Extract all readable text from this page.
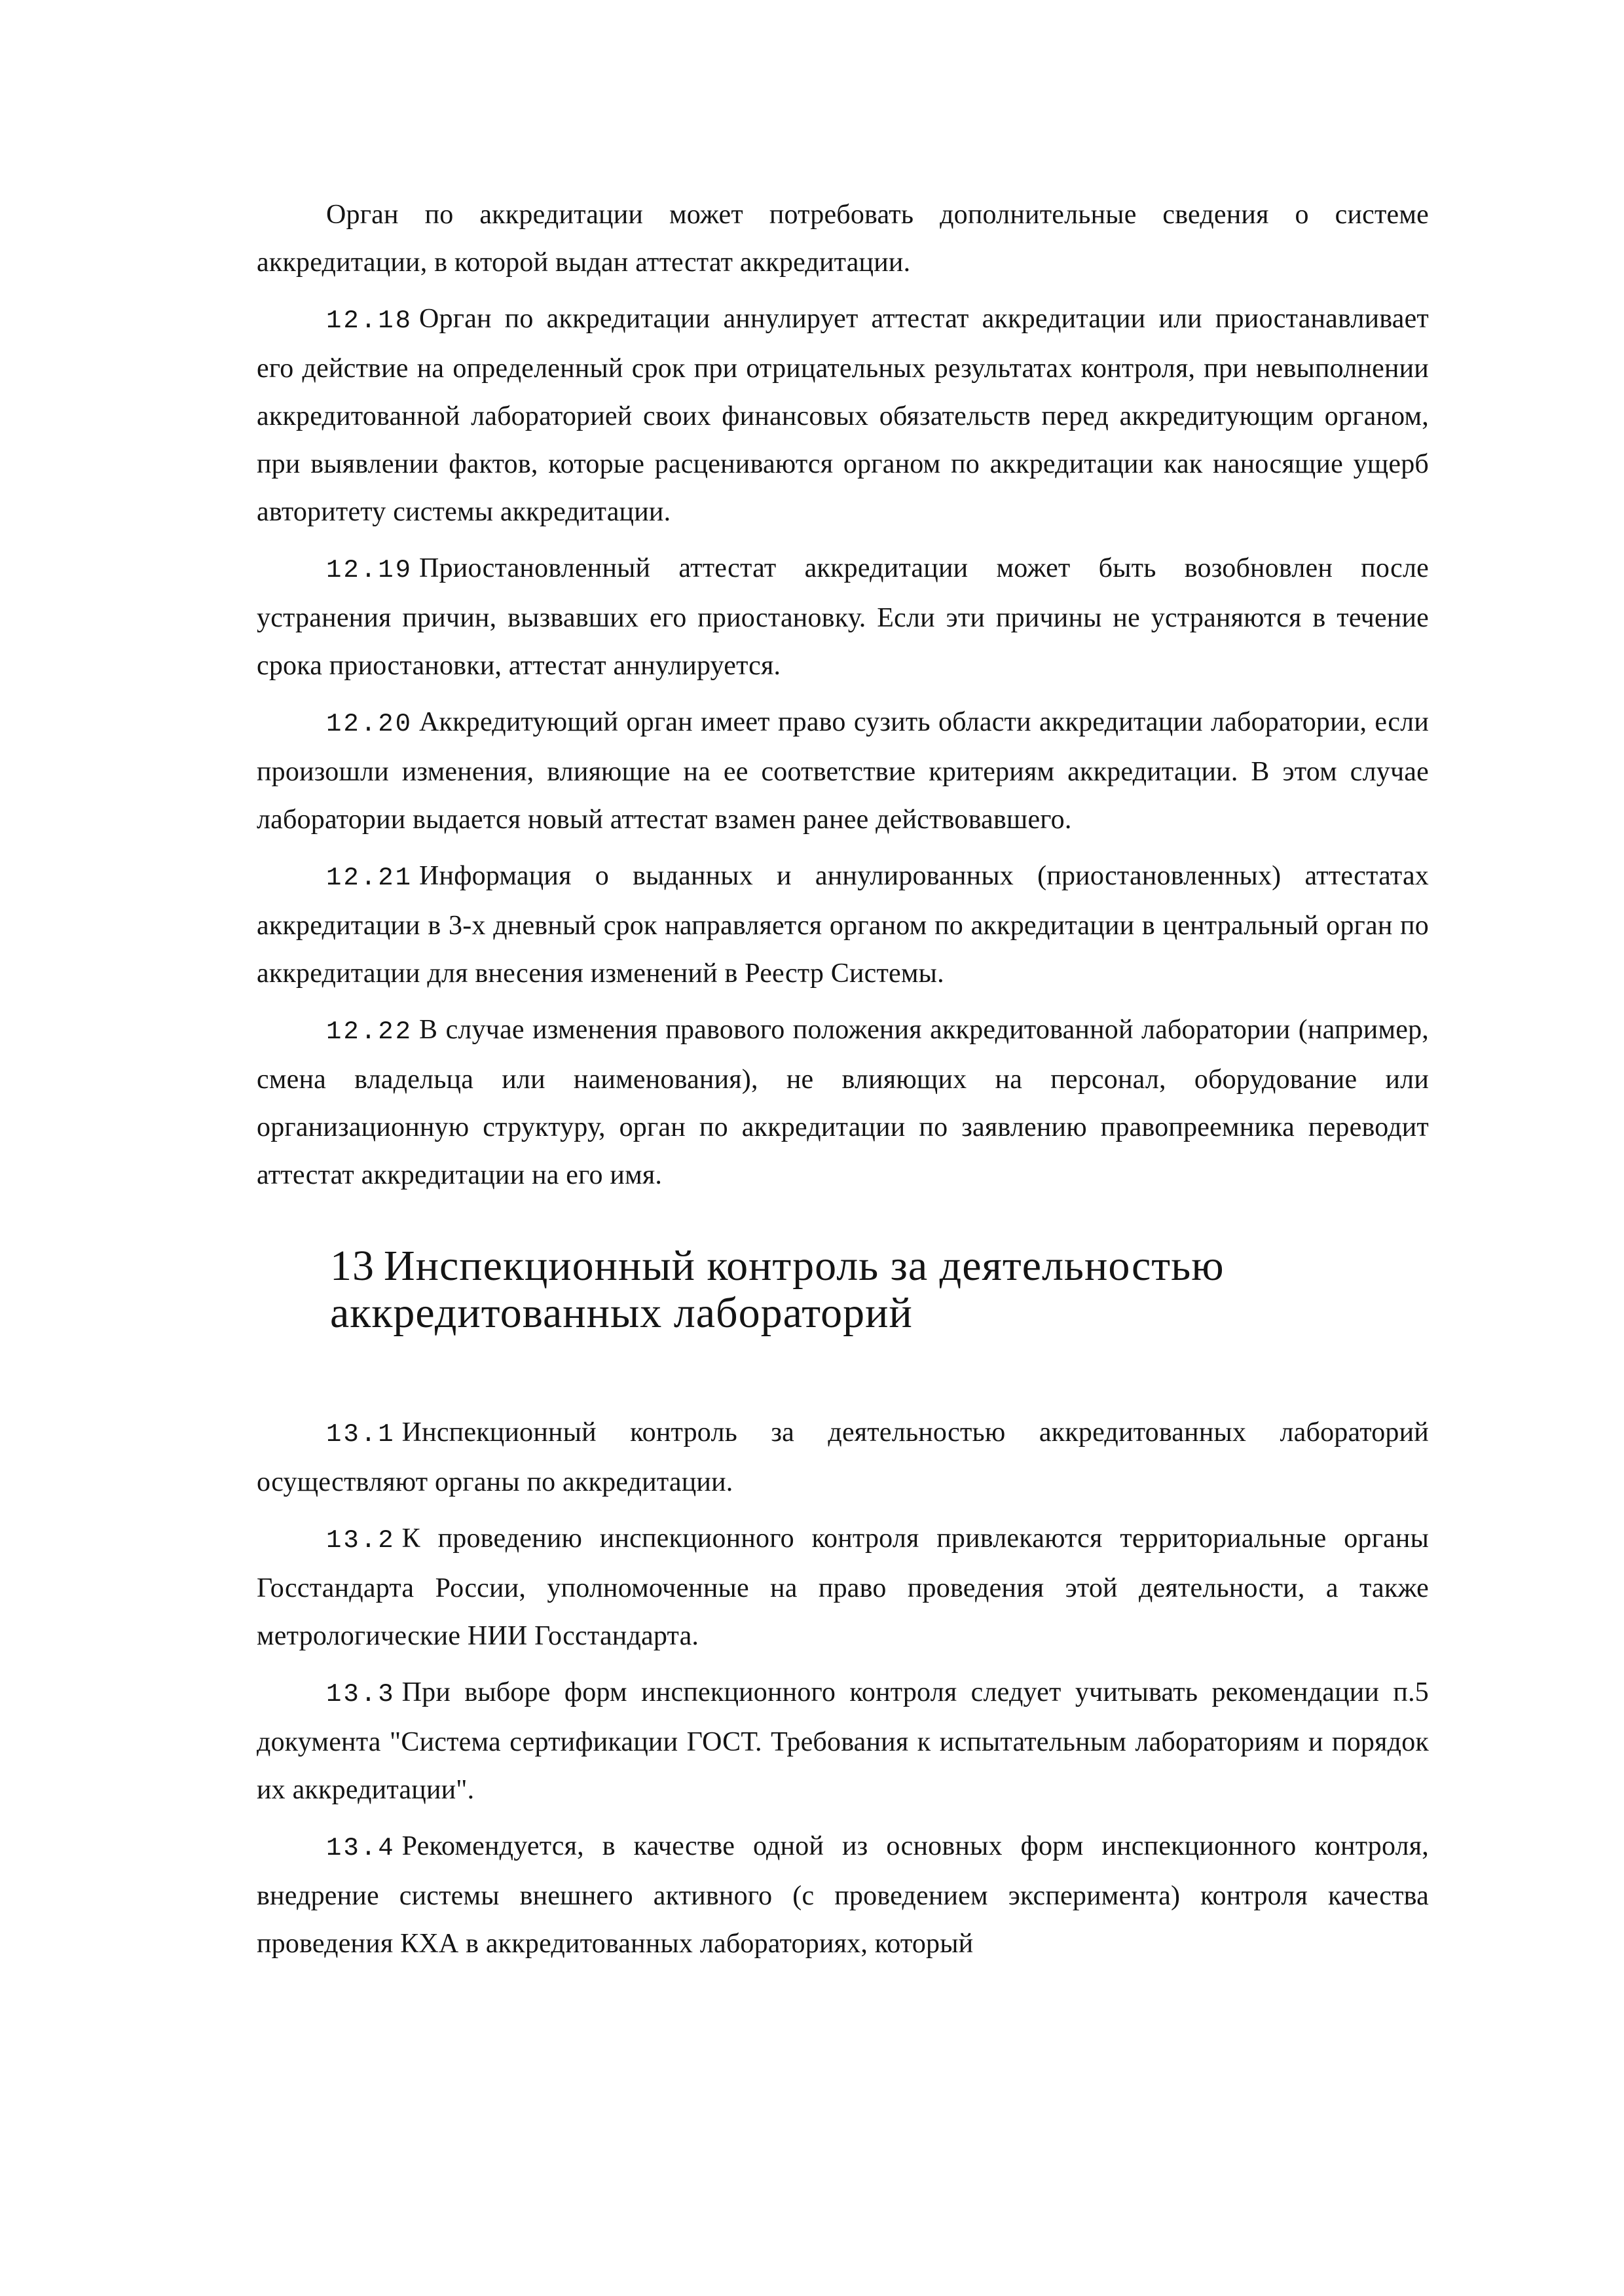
Орган по аккредитации может потребовать дополнительные сведения о системе аккредитации, в которой выдан аттестат аккредитации.

12.18 Орган по аккредитации аннулирует аттестат аккредитации или приостанавливает его действие на определенный срок при отрицательных результатах контроля, при невыполнении аккредитованной лабораторией своих финансовых обязательств перед аккредитующим органом, при выявлении фактов, которые расцениваются органом по аккредитации как наносящие ущерб авторитету системы аккредитации.

12.19 Приостановленный аттестат аккредитации может быть возобновлен после устранения причин, вызвавших его приостановку. Если эти причины не устраняются в течение срока приостановки, аттестат аннулируется.

12.20 Аккредитующий орган имеет право сузить области аккредитации лаборатории, если произошли изменения, влияющие на ее соответствие критериям аккредитации. В этом случае лаборатории выдается новый аттестат взамен ранее действовавшего.

12.21 Информация о выданных и аннулированных (приостановленных) аттестатах аккредитации в 3-х дневный срок направляется органом по аккредитации в центральный орган по аккредитации для внесения изменений в Реестр Системы.

12.22 В случае изменения правового положения аккредитованной лаборатории (например, смена владельца или наименования), не влияющих на персонал, оборудование или организационную структуру, орган по аккредитации по заявлению правопреемника переводит аттестат аккредитации на его имя.

13 Инспекционный контроль за деятельностью
аккредитованных лабораторий

13.1 Инспекционный контроль за деятельностью аккредитованных лабораторий осуществляют органы по аккредитации.

13.2 К проведению инспекционного контроля привлекаются территориальные органы Госстандарта России, уполномоченные на право проведения этой деятельности, а также метрологические НИИ Госстандарта.

13.3 При выборе форм инспекционного контроля следует учитывать рекомендации п.5 документа "Система сертификации ГОСТ. Требования к испытательным лабораториям и порядок их аккредитации".

13.4 Рекомендуется, в качестве одной из основных форм инспекционного контроля, внедрение системы внешнего активного (с проведением эксперимента) контроля качества проведения КХА в аккредитованных лабораториях, который
